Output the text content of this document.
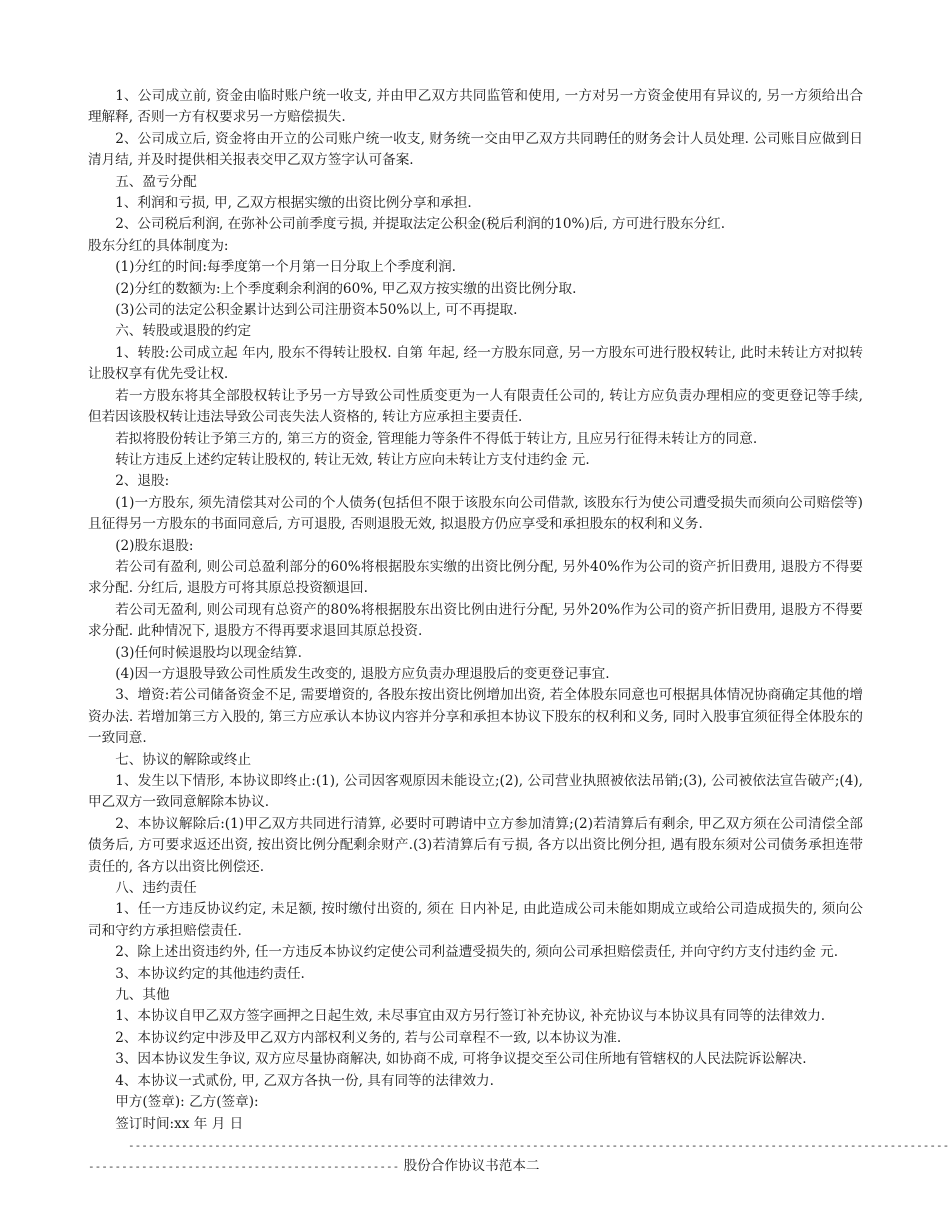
1、公司成立前, 资金由临时账户统一收支, 并由甲乙双方共同监管和使用, 一方对另一方资金使用有异议的, 另一方须给出合理解释, 否则一方有权要求另一方赔偿损失.

2、公司成立后, 资金将由开立的公司账户统一收支, 财务统一交由甲乙双方共同聘任的财务会计人员处理. 公司账目应做到日清月结, 并及时提供相关报表交甲乙双方签字认可备案.

五、盈亏分配

1、利润和亏损, 甲, 乙双方根据实缴的出资比例分享和承担.

2、公司税后利润, 在弥补公司前季度亏损, 并提取法定公积金(税后利润的10%)后, 方可进行股东分红.

股东分红的具体制度为:

(1)分红的时间:每季度第一个月第一日分取上个季度利润.

(2)分红的数额为:上个季度剩余利润的60%, 甲乙双方按实缴的出资比例分取.

(3)公司的法定公积金累计达到公司注册资本50%以上, 可不再提取.

六、转股或退股的约定

1、转股:公司成立起 年内, 股东不得转让股权. 自第 年起, 经一方股东同意, 另一方股东可进行股权转让, 此时未转让方对拟转让股权享有优先受让权.

若一方股东将其全部股权转让予另一方导致公司性质变更为一人有限责任公司的, 转让方应负责办理相应的变更登记等手续, 但若因该股权转让违法导致公司丧失法人资格的, 转让方应承担主要责任.

若拟将股份转让予第三方的, 第三方的资金, 管理能力等条件不得低于转让方, 且应另行征得未转让方的同意.

转让方违反上述约定转让股权的, 转让无效, 转让方应向未转让方支付违约金 元.

2、退股:

(1)一方股东, 须先清偿其对公司的个人债务(包括但不限于该股东向公司借款, 该股东行为使公司遭受损失而须向公司赔偿等)且征得另一方股东的书面同意后, 方可退股, 否则退股无效, 拟退股方仍应享受和承担股东的权利和义务.

(2)股东退股:

若公司有盈利, 则公司总盈利部分的60%将根据股东实缴的出资比例分配, 另外40%作为公司的资产折旧费用, 退股方不得要求分配. 分红后, 退股方可将其原总投资额退回.

若公司无盈利, 则公司现有总资产的80%将根据股东出资比例由进行分配, 另外20%作为公司的资产折旧费用, 退股方不得要求分配. 此种情况下, 退股方不得再要求退回其原总投资.

(3)任何时候退股均以现金结算.

(4)因一方退股导致公司性质发生改变的, 退股方应负责办理退股后的变更登记事宜.

3、增资:若公司储备资金不足, 需要增资的, 各股东按出资比例增加出资, 若全体股东同意也可根据具体情况协商确定其他的增资办法. 若增加第三方入股的, 第三方应承认本协议内容并分享和承担本协议下股东的权利和义务, 同时入股事宜须征得全体股东的一致同意.

七、协议的解除或终止

1、发生以下情形, 本协议即终止:(1), 公司因客观原因未能设立;(2), 公司营业执照被依法吊销;(3), 公司被依法宣告破产;(4), 甲乙双方一致同意解除本协议.

2、本协议解除后:(1)甲乙双方共同进行清算, 必要时可聘请中立方参加清算;(2)若清算后有剩余, 甲乙双方须在公司清偿全部债务后, 方可要求返还出资, 按出资比例分配剩余财产.(3)若清算后有亏损, 各方以出资比例分担, 遇有股东须对公司债务承担连带责任的, 各方以出资比例偿还.

八、违约责任

1、任一方违反协议约定, 未足额, 按时缴付出资的, 须在 日内补足, 由此造成公司未能如期成立或给公司造成损失的, 须向公司和守约方承担赔偿责任.

2、除上述出资违约外, 任一方违反本协议约定使公司利益遭受损失的, 须向公司承担赔偿责任, 并向守约方支付违约金 元.

3、本协议约定的其他违约责任.

九、其他

1、本协议自甲乙双方签字画押之日起生效, 未尽事宜由双方另行签订补充协议, 补充协议与本协议具有同等的法律效力.

2、本协议约定中涉及甲乙双方内部权利义务的, 若与公司章程不一致, 以本协议为准.

3、因本协议发生争议, 双方应尽量协商解决, 如协商不成, 可将争议提交至公司住所地有管辖权的人民法院诉讼解决.

4、本协议一式贰份, 甲, 乙双方各执一份, 具有同等的法律效力.

甲方(签章): 乙方(签章):

签订时间:xx 年 月 日

----------------------------------------------------------------------------------------------------------------------------
----------------------------------------------- 股份合作协议书范本二
